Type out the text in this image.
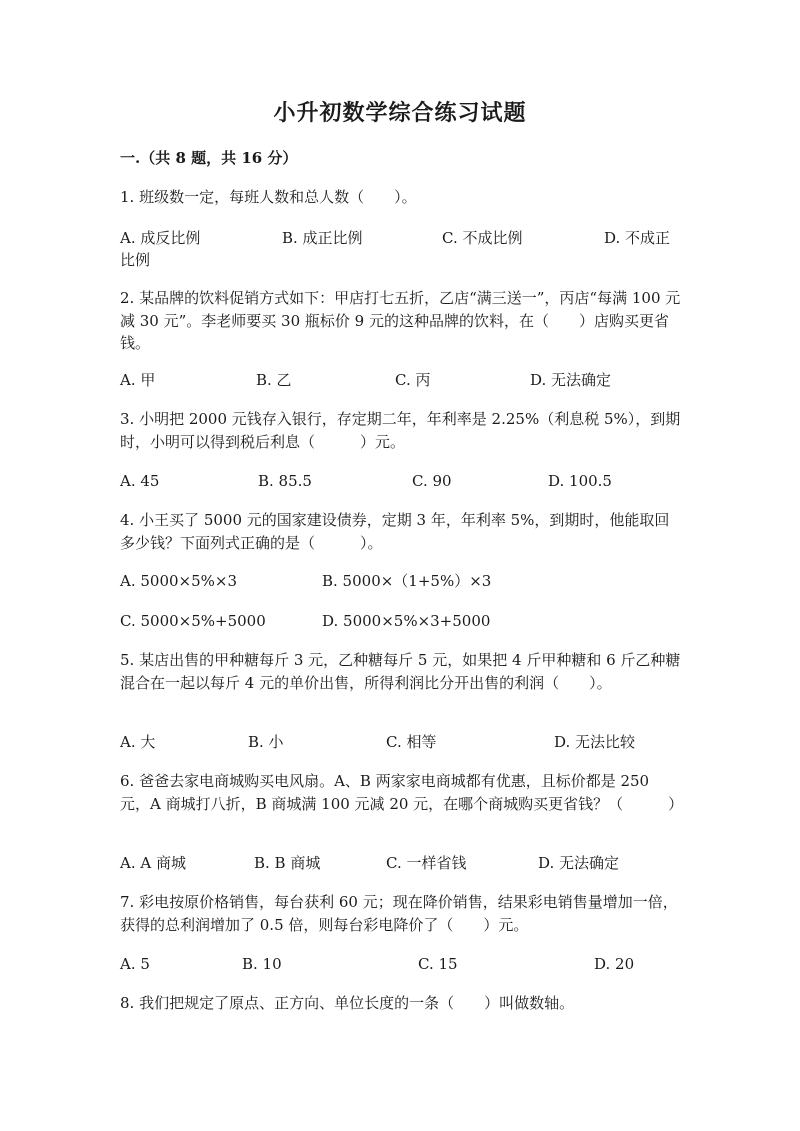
小升初数学综合练习试题
一.（共 8 题，共 16 分）
1. 班级数一定，每班人数和总人数（　　）。
A. 成反比例	B. 成正比例	C. 不成比例	D. 不成正比例
2. 某品牌的饮料促销方式如下：甲店打七五折，乙店“满三送一”，丙店“每满 100 元减 30 元”。李老师要买 30 瓶标价 9 元的这种品牌的饮料，在（　　）店购买更省钱。
A. 甲	B. 乙	C. 丙	D. 无法确定
3. 小明把 2000 元钱存入银行，存定期二年，年利率是 2.25%（利息税 5%），到期时，小明可以得到税后利息（　　　）元。
A. 45	B. 85.5	C. 90	D. 100.5
4. 小王买了 5000 元的国家建设债券，定期 3 年，年利率 5%，到期时，他能取回多少钱？下面列式正确的是（　　　）。
A. 5000×5%×3	B. 5000×（1+5%）×3
C. 5000×5%+5000	D. 5000×5%×3+5000
5. 某店出售的甲种糖每斤 3 元，乙种糖每斤 5 元，如果把 4 斤甲种糖和 6 斤乙种糖混合在一起以每斤 4 元的单价出售，所得利润比分开出售的利润（　　）。
A. 大	B. 小	C. 相等	D. 无法比较
6. 爸爸去家电商城购买电风扇。A、B 两家家电商城都有优惠，且标价都是 250 元，A 商城打八折，B 商城满 100 元减 20 元，在哪个商城购买更省钱？（　　　）
A. A 商城	B. B 商城	C. 一样省钱	D. 无法确定
7. 彩电按原价格销售，每台获利 60 元；现在降价销售，结果彩电销售量增加一倍，获得的总利润增加了 0.5 倍，则每台彩电降价了（　　）元。
A. 5	B. 10	C. 15	D. 20
8. 我们把规定了原点、正方向、单位长度的一条（　　）叫做数轴。
